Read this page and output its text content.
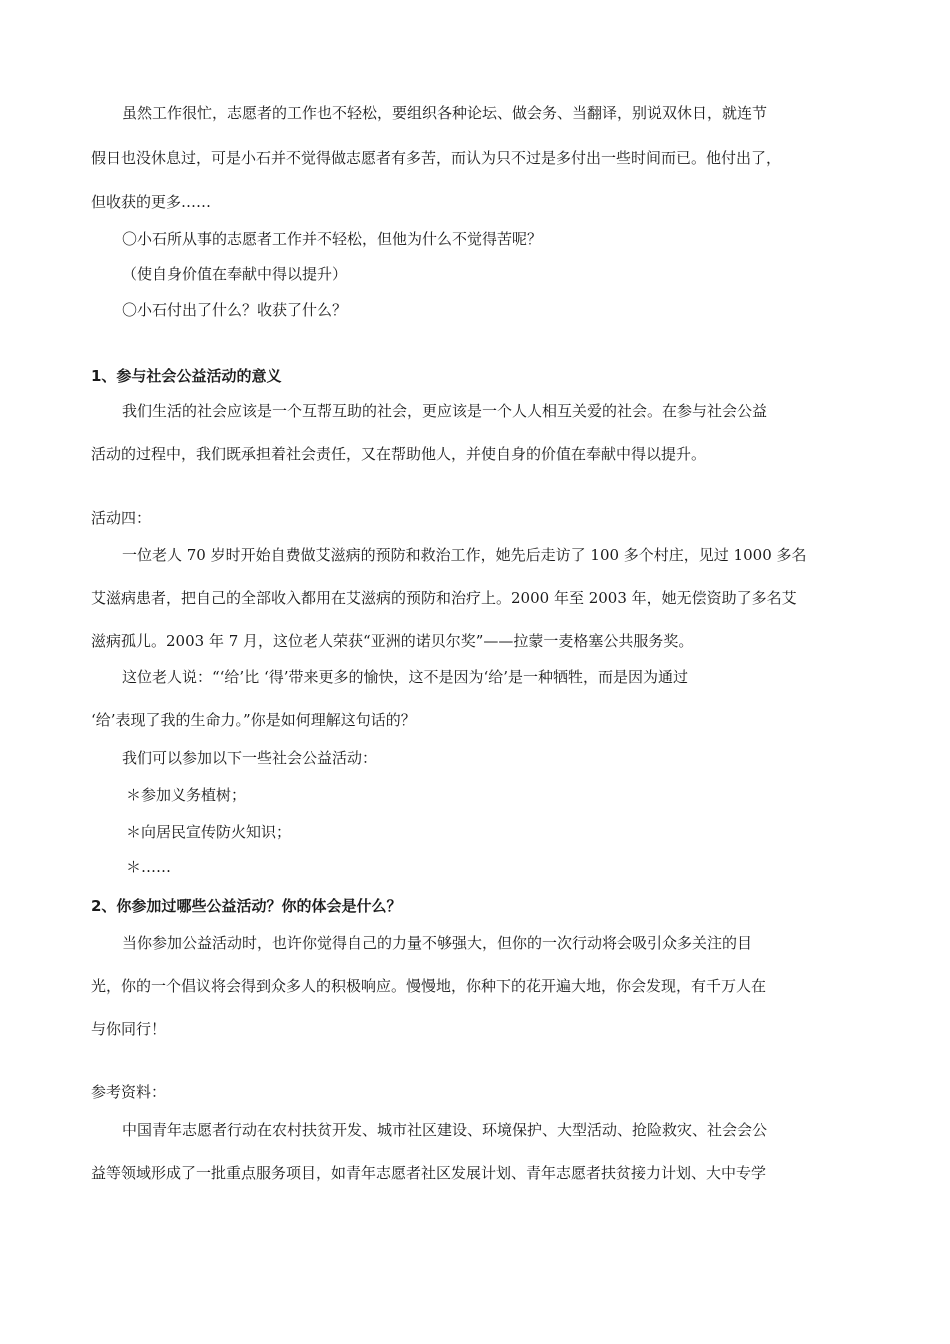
虽然工作很忙，志愿者的工作也不轻松，要组织各种论坛、做会务、当翻译，别说双休日，就连节
假日也没休息过，可是小石并不觉得做志愿者有多苦，而认为只不过是多付出一些时间而已。他付出了，
但收获的更多……
〇小石所从事的志愿者工作并不轻松，但他为什么不觉得苦呢？
（使自身价值在奉献中得以提升）
〇小石付出了什么？收获了什么？
1、参与社会公益活动的意义
我们生活的社会应该是一个互帮互助的社会，更应该是一个人人相互关爱的社会。在参与社会公益
活动的过程中，我们既承担着社会责任，又在帮助他人，并使自身的价值在奉献中得以提升。
活动四：
一位老人 70 岁时开始自费做艾滋病的预防和救治工作，她先后走访了 100 多个村庄，见过 1000 多名
艾滋病患者，把自己的全部收入都用在艾滋病的预防和治疗上。2000 年至 2003 年，她无偿资助了多名艾
滋病孤儿。2003 年 7 月，这位老人荣获“亚洲的诺贝尔奖”——拉蒙一麦格塞公共服务奖。
这位老人说：“‘给’比 ‘得’带来更多的愉快，这不是因为‘给’是一种牺牲，而是因为通过
‘给’表现了我的生命力。”你是如何理解这句话的？
我们可以参加以下一些社会公益活动：
＊参加义务植树；
＊向居民宣传防火知识；
＊……
2、你参加过哪些公益活动？你的体会是什么？
当你参加公益活动时，也许你觉得自己的力量不够强大，但你的一次行动将会吸引众多关注的目
光，你的一个倡议将会得到众多人的积极响应。慢慢地，你种下的花开遍大地，你会发现，有千万人在
与你同行！
参考资料：
中国青年志愿者行动在农村扶贫开发、城市社区建设、环境保护、大型活动、抢险救灾、社会会公
益等领域形成了一批重点服务项目，如青年志愿者社区发展计划、青年志愿者扶贫接力计划、大中专学
